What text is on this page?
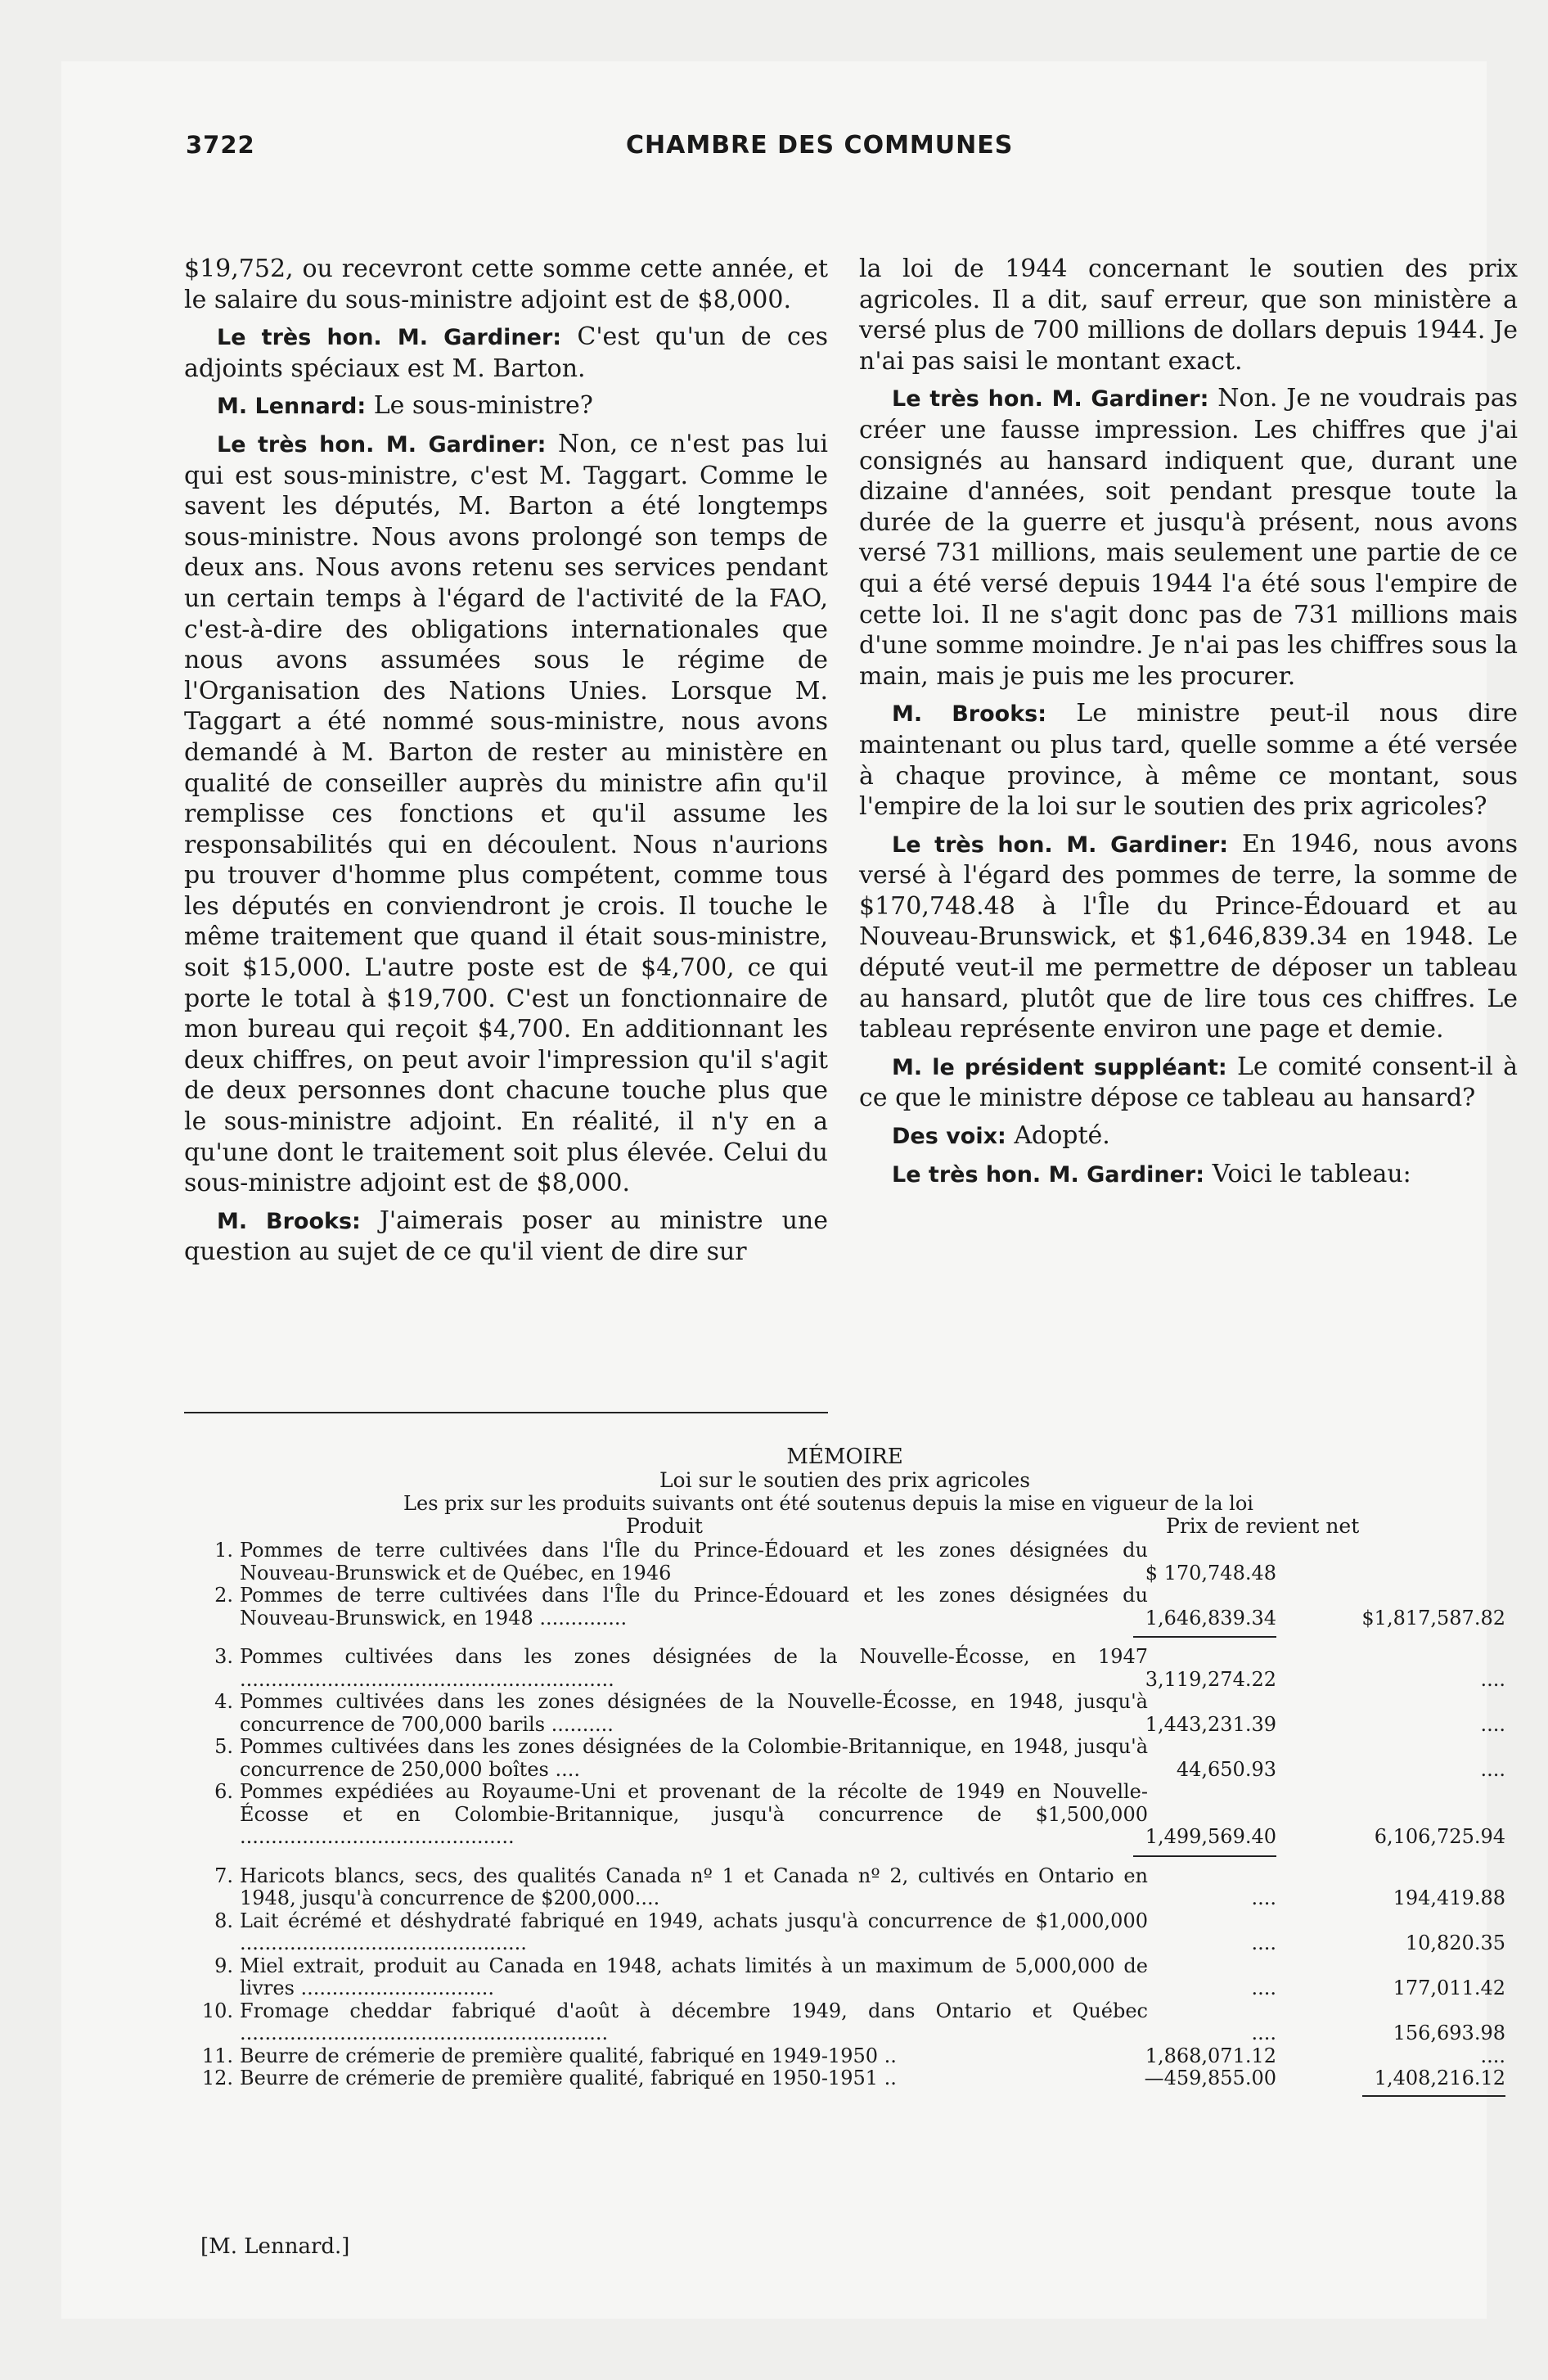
3722	CHAMBRE DES COMMUNES

$19,752, ou recevront cette somme cette année, et le salaire du sous-ministre adjoint est de $8,000.

Le très hon. M. Gardiner: C'est qu'un de ces adjoints spéciaux est M. Barton.

M. Lennard: Le sous-ministre?

Le très hon. M. Gardiner: Non, ce n'est pas lui qui est sous-ministre, c'est M. Taggart. Comme le savent les députés, M. Barton a été longtemps sous-ministre. Nous avons prolongé son temps de deux ans. Nous avons retenu ses services pendant un certain temps à l'égard de l'activité de la FAO, c'est-à-dire des obligations internationales que nous avons assumées sous le régime de l'Organisation des Nations Unies. Lorsque M. Taggart a été nommé sous-ministre, nous avons demandé à M. Barton de rester au ministère en qualité de conseiller auprès du ministre afin qu'il remplisse ces fonctions et qu'il assume les responsabilités qui en découlent. Nous n'aurions pu trouver d'homme plus compétent, comme tous les députés en conviendront je crois. Il touche le même traitement que quand il était sous-ministre, soit $15,000. L'autre poste est de $4,700, ce qui porte le total à $19,700. C'est un fonctionnaire de mon bureau qui reçoit $4,700. En additionnant les deux chiffres, on peut avoir l'impression qu'il s'agit de deux personnes dont chacune touche plus que le sous-ministre adjoint. En réalité, il n'y en a qu'une dont le traitement soit plus élevée. Celui du sous-ministre adjoint est de $8,000.

M. Brooks: J'aimerais poser au ministre une question au sujet de ce qu'il vient de dire sur

la loi de 1944 concernant le soutien des prix agricoles. Il a dit, sauf erreur, que son ministère a versé plus de 700 millions de dollars depuis 1944. Je n'ai pas saisi le montant exact.

Le très hon. M. Gardiner: Non. Je ne voudrais pas créer une fausse impression. Les chiffres que j'ai consignés au hansard indiquent que, durant une dizaine d'années, soit pendant presque toute la durée de la guerre et jusqu'à présent, nous avons versé 731 millions, mais seulement une partie de ce qui a été versé depuis 1944 l'a été sous l'empire de cette loi. Il ne s'agit donc pas de 731 millions mais d'une somme moindre. Je n'ai pas les chiffres sous la main, mais je puis me les procurer.

M. Brooks: Le ministre peut-il nous dire maintenant ou plus tard, quelle somme a été versée à chaque province, à même ce montant, sous l'empire de la loi sur le soutien des prix agricoles?

Le très hon. M. Gardiner: En 1946, nous avons versé à l'égard des pommes de terre, la somme de $170,748.48 à l'Île du Prince-Édouard et au Nouveau-Brunswick, et $1,646,839.34 en 1948. Le député veut-il me permettre de déposer un tableau au hansard, plutôt que de lire tous ces chiffres. Le tableau représente environ une page et demie.

M. le président suppléant: Le comité consent-il à ce que le ministre dépose ce tableau au hansard?

Des voix: Adopté.

Le très hon. M. Gardiner: Voici le tableau:

MÉMOIRE
Loi sur le soutien des prix agricoles
Les prix sur les produits suivants ont été soutenus depuis la mise en vigueur de la loi
Produit	Prix de revient net
1. Pommes de terre cultivées dans l'Île du Prince-Édouard et les zones désignées du Nouveau-Brunswick et de Québec, en 1946	$ 170,748.48
2. Pommes de terre cultivées dans l'Île du Prince-Édouard et les zones désignées du Nouveau-Brunswick, en 1948 ..............	1,646,839.34	$1,817,587.82
3. Pommes cultivées dans les zones désignées de la Nouvelle-Écosse, en 1947 ............................................................	3,119,274.22	....
4. Pommes cultivées dans les zones désignées de la Nouvelle-Écosse, en 1948, jusqu'à concurrence de 700,000 barils ..........	1,443,231.39	....
5. Pommes cultivées dans les zones désignées de la Colombie-Britannique, en 1948, jusqu'à concurrence de 250,000 boîtes ....	44,650.93	....
6. Pommes expédiées au Royaume-Uni et provenant de la récolte de 1949 en Nouvelle-Écosse et en Colombie-Britannique, jusqu'à concurrence de $1,500,000 ............................................	1,499,569.40	6,106,725.94
7. Haricots blancs, secs, des qualités Canada nº 1 et Canada nº 2, cultivés en Ontario en 1948, jusqu'à concurrence de $200,000....	....	194,419.88
8. Lait écrémé et déshydraté fabriqué en 1949, achats jusqu'à concurrence de $1,000,000 ..............................................	....	10,820.35
9. Miel extrait, produit au Canada en 1948, achats limités à un maximum de 5,000,000 de livres ...............................	....	177,011.42
10. Fromage cheddar fabriqué d'août à décembre 1949, dans Ontario et Québec ...........................................................	....	156,693.98
11. Beurre de crémerie de première qualité, fabriqué en 1949-1950 ..	1,868,071.12	....
12. Beurre de crémerie de première qualité, fabriqué en 1950-1951 ..	—459,855.00	1,408,216.12
[M. Lennard.]
